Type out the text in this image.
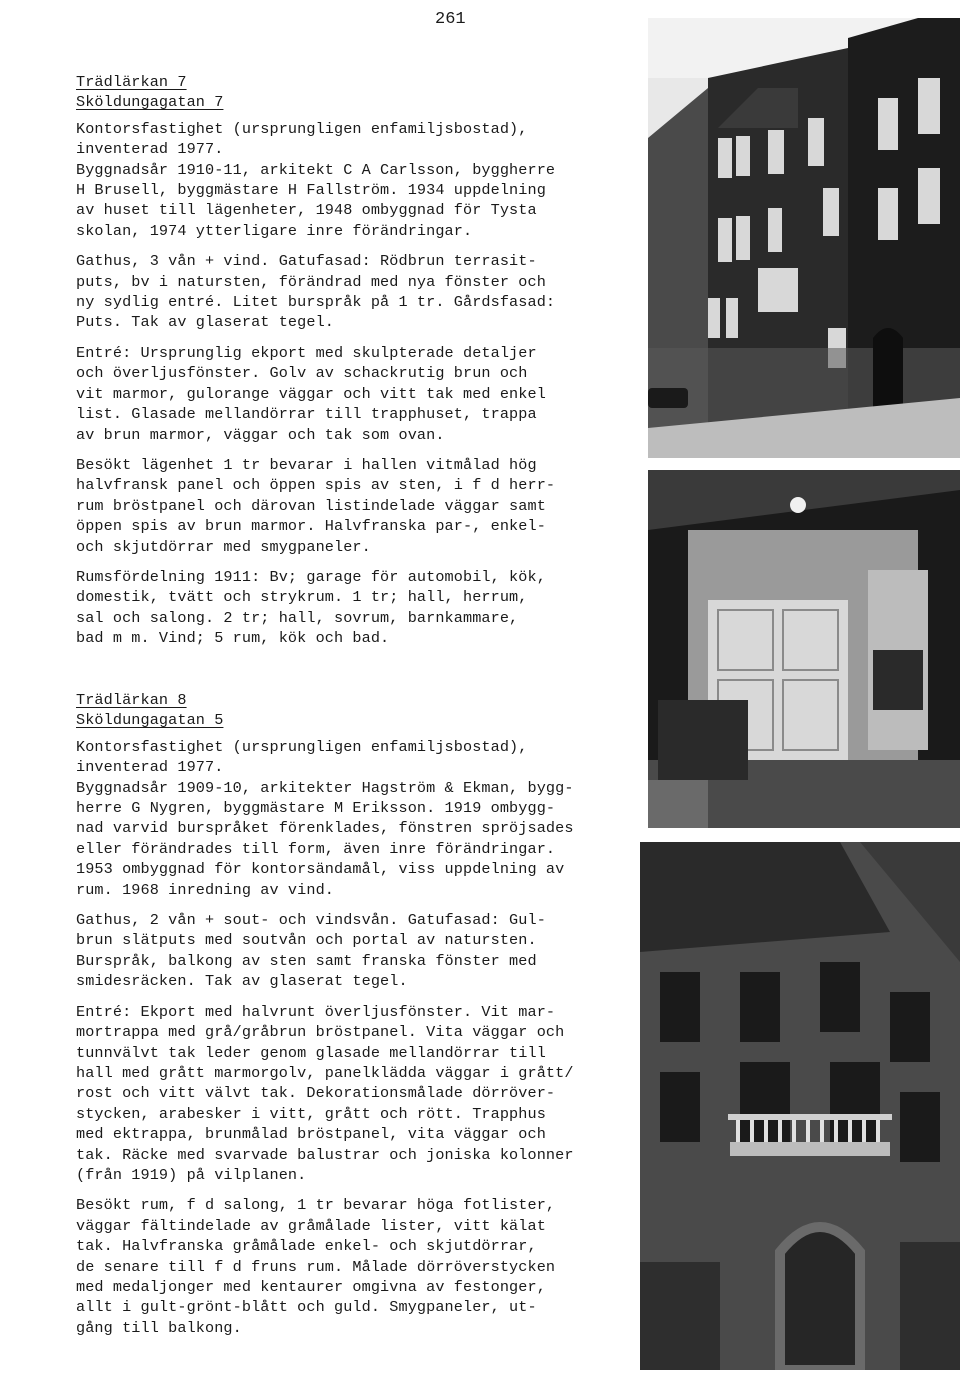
261
Trädlärkan 7
Sköldungagatan 7
Kontorsfastighet (ursprungligen enfamiljsbostad),
inventerad 1977.
Byggnadsår 1910-11, arkitekt C A Carlsson, byggherre
H Brusell, byggmästare H Fallström. 1934 uppdelning
av huset till lägenheter, 1948 ombyggnad för Tysta
skolan, 1974 ytterligare inre förändringar.
Gathus, 3 vån + vind. Gatufasad: Rödbrun terrasit-
puts, bv i natursten, förändrad med nya fönster och
ny sydlig entré. Litet burspråk på 1 tr. Gårdsfasad:
Puts. Tak av glaserat tegel.
Entré: Ursprunglig ekport med skulpterade detaljer
och överljusfönster. Golv av schackrutig brun och
vit marmor, gulorange väggar och vitt tak med enkel
list. Glasade mellandörrar till trapphuset, trappa
av brun marmor, väggar och tak som ovan.
Besökt lägenhet 1 tr bevarar i hallen vitmålad hög
halvfransk panel och öppen spis av sten, i f d herr-
rum bröstpanel och därovan listindelade väggar samt
öppen spis av brun marmor. Halvfranska par-, enkel-
och skjutdörrar med smygpaneler.
Rumsfördelning 1911: Bv; garage för automobil, kök,
domestik, tvätt och strykrum. 1 tr; hall, herrum,
sal och salong. 2 tr; hall, sovrum, barnkammare,
bad m m. Vind; 5 rum, kök och bad.
Trädlärkan 8
Sköldungagatan 5
Kontorsfastighet (ursprungligen enfamiljsbostad),
inventerad 1977.
Byggnadsår 1909-10, arkitekter Hagström & Ekman, bygg-
herre G Nygren, byggmästare M Eriksson. 1919 ombygg-
nad varvid burspråket förenklades, fönstren spröjsades
eller förändrades till form, även inre förändringar.
1953 ombyggnad för kontorsändamål, viss uppdelning av
rum. 1968 inredning av vind.
Gathus, 2 vån + sout- och vindsvån. Gatufasad: Gul-
brun slätputs med soutvån och portal av natursten.
Burspråk, balkong av sten samt franska fönster med
smidesräcken. Tak av glaserat tegel.
Entré: Ekport med halvrunt överljusfönster. Vit mar-
mortrappa med grå/gråbrun bröstpanel. Vita väggar och
tunnvälvt tak leder genom glasade mellandörrar till
hall med grått marmorgolv, panelklädda väggar i grått/
rost och vitt välvt tak. Dekorationsmålade dörröver-
stycken, arabesker i vitt, grått och rött. Trapphus
med ektrappa, brunmålad bröstpanel, vita väggar och
tak. Räcke med svarvade balustrar och joniska kolonner
(från 1919) på vilplanen.
Besökt rum, f d salong, 1 tr bevarar höga fotlister,
väggar fältindelade av gråmålade lister, vitt kälat
tak. Halvfranska gråmålade enkel- och skjutdörrar,
de senare till f d fruns rum. Målade dörröverstycken
med medaljonger med kentaurer omgivna av festonger,
allt i gult-grönt-blått och guld. Smygpaneler, ut-
gång till balkong.
